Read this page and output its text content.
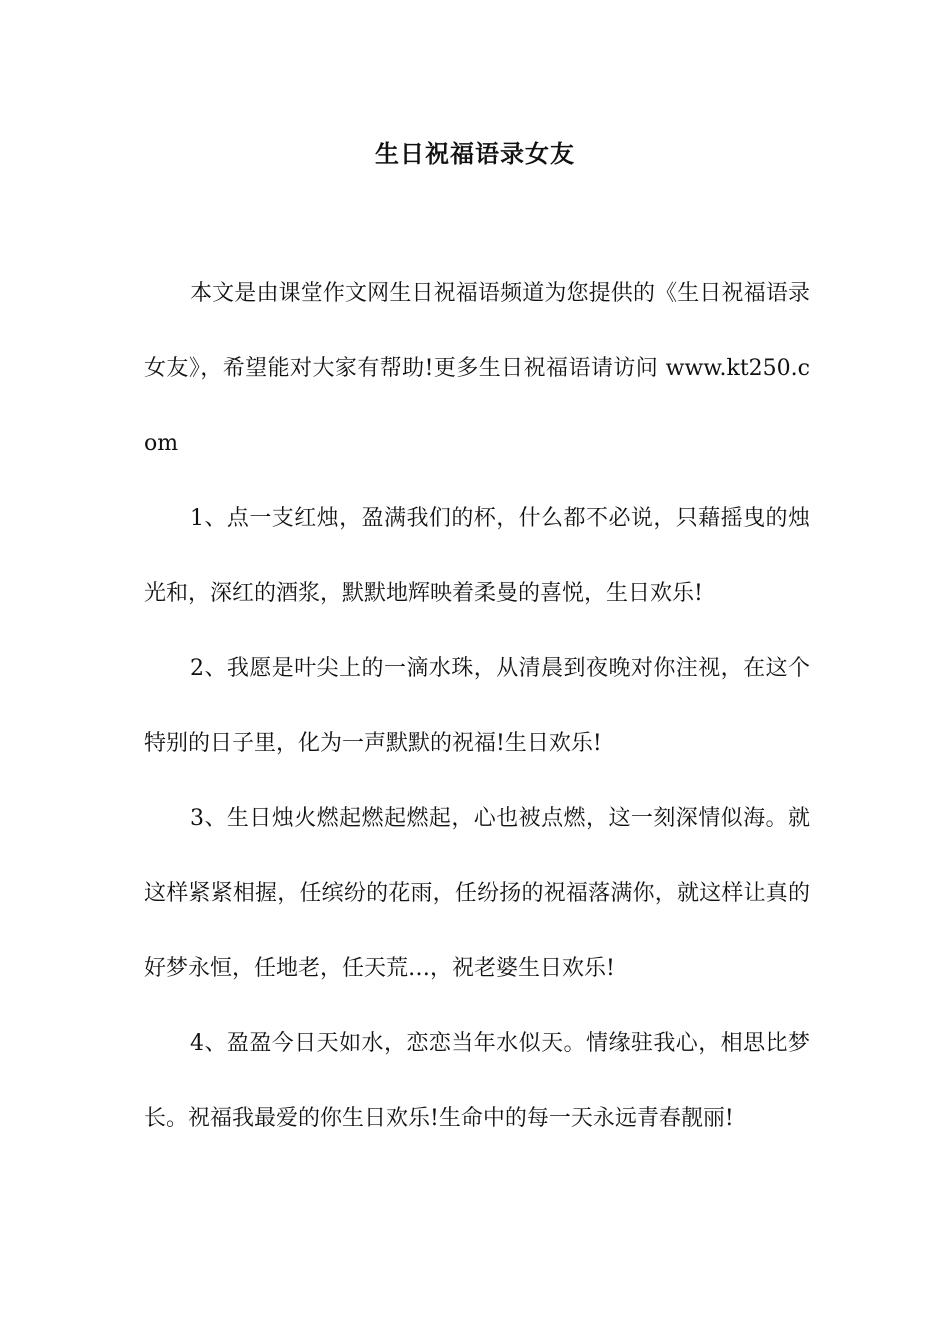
生日祝福语录女友

本文是由课堂作文网生日祝福语频道为您提供的《生日祝福语录女友》，希望能对大家有帮助!更多生日祝福语请访问 www.kt250.com

1、点一支红烛，盈满我们的杯，什么都不必说，只藉摇曳的烛光和，深红的酒浆，默默地辉映着柔曼的喜悦，生日欢乐!

2、我愿是叶尖上的一滴水珠，从清晨到夜晚对你注视，在这个特别的日子里，化为一声默默的祝福!生日欢乐!

3、生日烛火燃起燃起燃起，心也被点燃，这一刻深情似海。就这样紧紧相握，任缤纷的花雨，任纷扬的祝福落满你，就这样让真的好梦永恒，任地老，任天荒…，祝老婆生日欢乐!

4、盈盈今日天如水，恋恋当年水似天。情缘驻我心，相思比梦长。祝福我最爱的你生日欢乐!生命中的每一天永远青春靓丽!
